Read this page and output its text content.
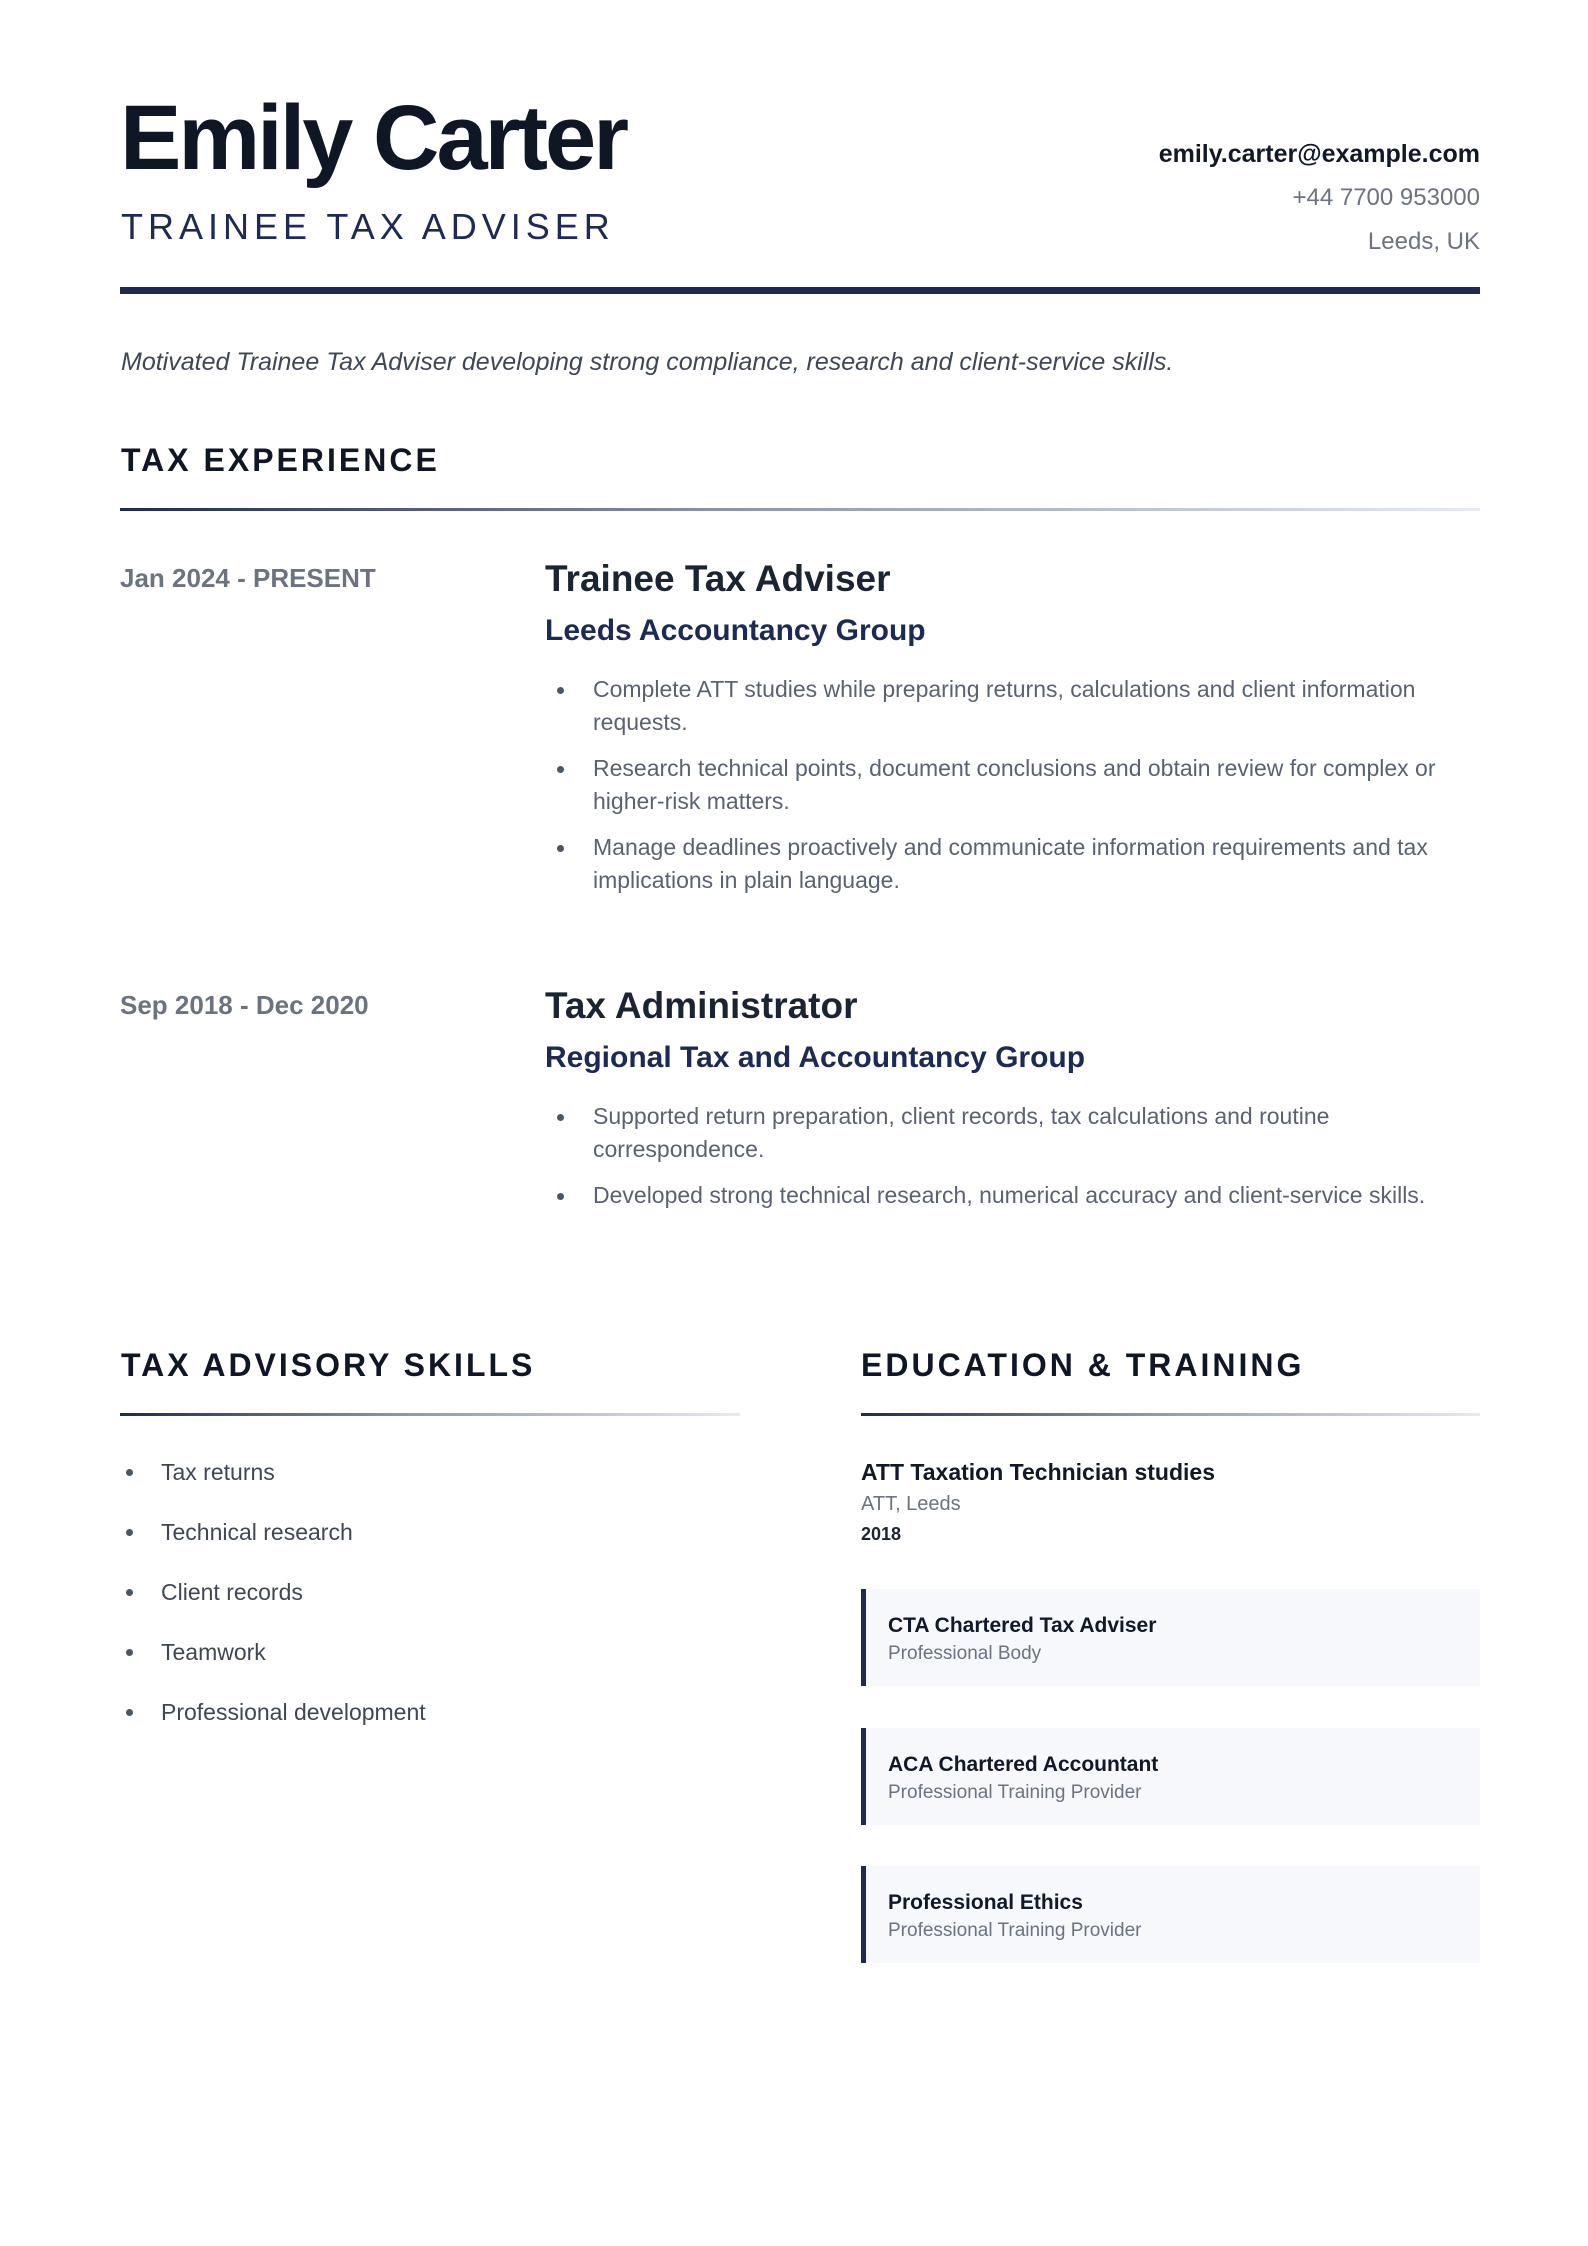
Emily Carter
TRAINEE TAX ADVISER
emily.carter@example.com
+44 7700 953000
Leeds, UK
Motivated Trainee Tax Adviser developing strong compliance, research and client-service skills.
TAX EXPERIENCE
Jan 2024 - PRESENT	Trainee Tax Adviser
Leeds Accountancy Group
Complete ATT studies while preparing returns, calculations and client information requests.
Research technical points, document conclusions and obtain review for complex or higher-risk matters.
Manage deadlines proactively and communicate information requirements and tax implications in plain language.
Sep 2018 - Dec 2020	Tax Administrator
Regional Tax and Accountancy Group
Supported return preparation, client records, tax calculations and routine correspondence.
Developed strong technical research, numerical accuracy and client-service skills.
TAX ADVISORY SKILLS
Tax returns
Technical research
Client records
Teamwork
Professional development
EDUCATION & TRAINING
ATT Taxation Technician studies
ATT, Leeds
2018
CTA Chartered Tax Adviser
Professional Body
ACA Chartered Accountant
Professional Training Provider
Professional Ethics
Professional Training Provider
